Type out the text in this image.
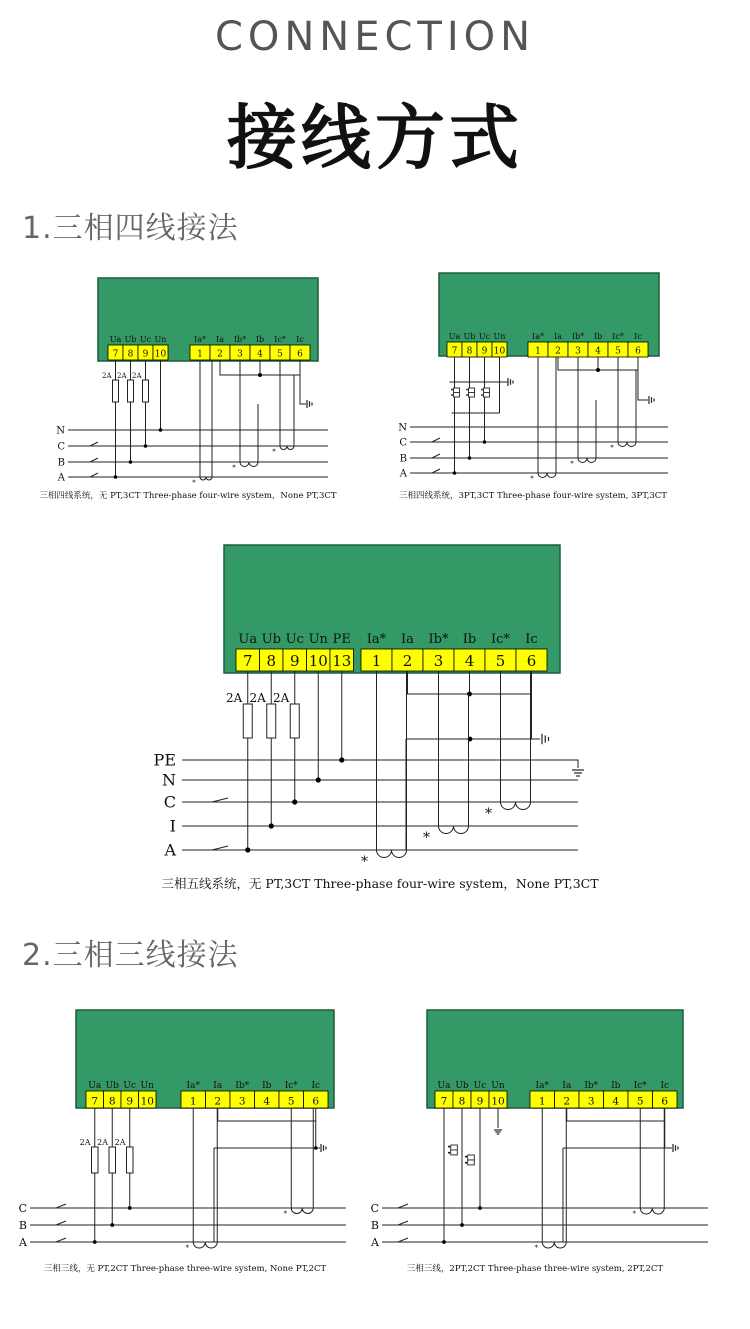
CONNECTION
接线方式
1.三相四线接法
2.三相三线接法
7
Ua
8
Ub
9
Uc
10
Un
1
Ia*
2
Ia
3
Ib*
4
Ib
5
Ic*
6
Ic
N
C
B
A
三相四线系统，无 PT,3CT Three-phase four-wire system，None PT,3CT
2A 2A 2A
*
*
*
7
Ua
8
Ub
9
Uc
10
Un
1
Ia*
2
Ia
3
Ib*
4
Ib
5
Ic*
6
Ic
N
C
B
A
三相四线系统，3PT,3CT Three-phase four-wire system, 3PT,3CT
*
*
*
7
Ua
8
Ub
9
Uc
10
Un
13
PE
1
Ia*
2
Ia
3
Ib*
4
Ib
5
Ic*
6
Ic
PE
N
C
I
A
三相五线系统，无 PT,3CT Three-phase four-wire system，None PT,3CT
2A 2A 2A
*
*
*
7
Ua
8
Ub
9
Uc
10
Un
1
Ia*
2
Ia
3
Ib*
4
Ib
5
Ic*
6
Ic
C
B
A
三相三线，无 PT,2CT Three-phase three-wire system, None PT,2CT
2A 2A 2A
*
*
7
Ua
8
Ub
9
Uc
10
Un
1
Ia*
2
Ia
3
Ib*
4
Ib
5
Ic*
6
Ic
C
B
A
三相三线，2PT,2CT Three-phase three-wire system, 2PT,2CT
*
*
